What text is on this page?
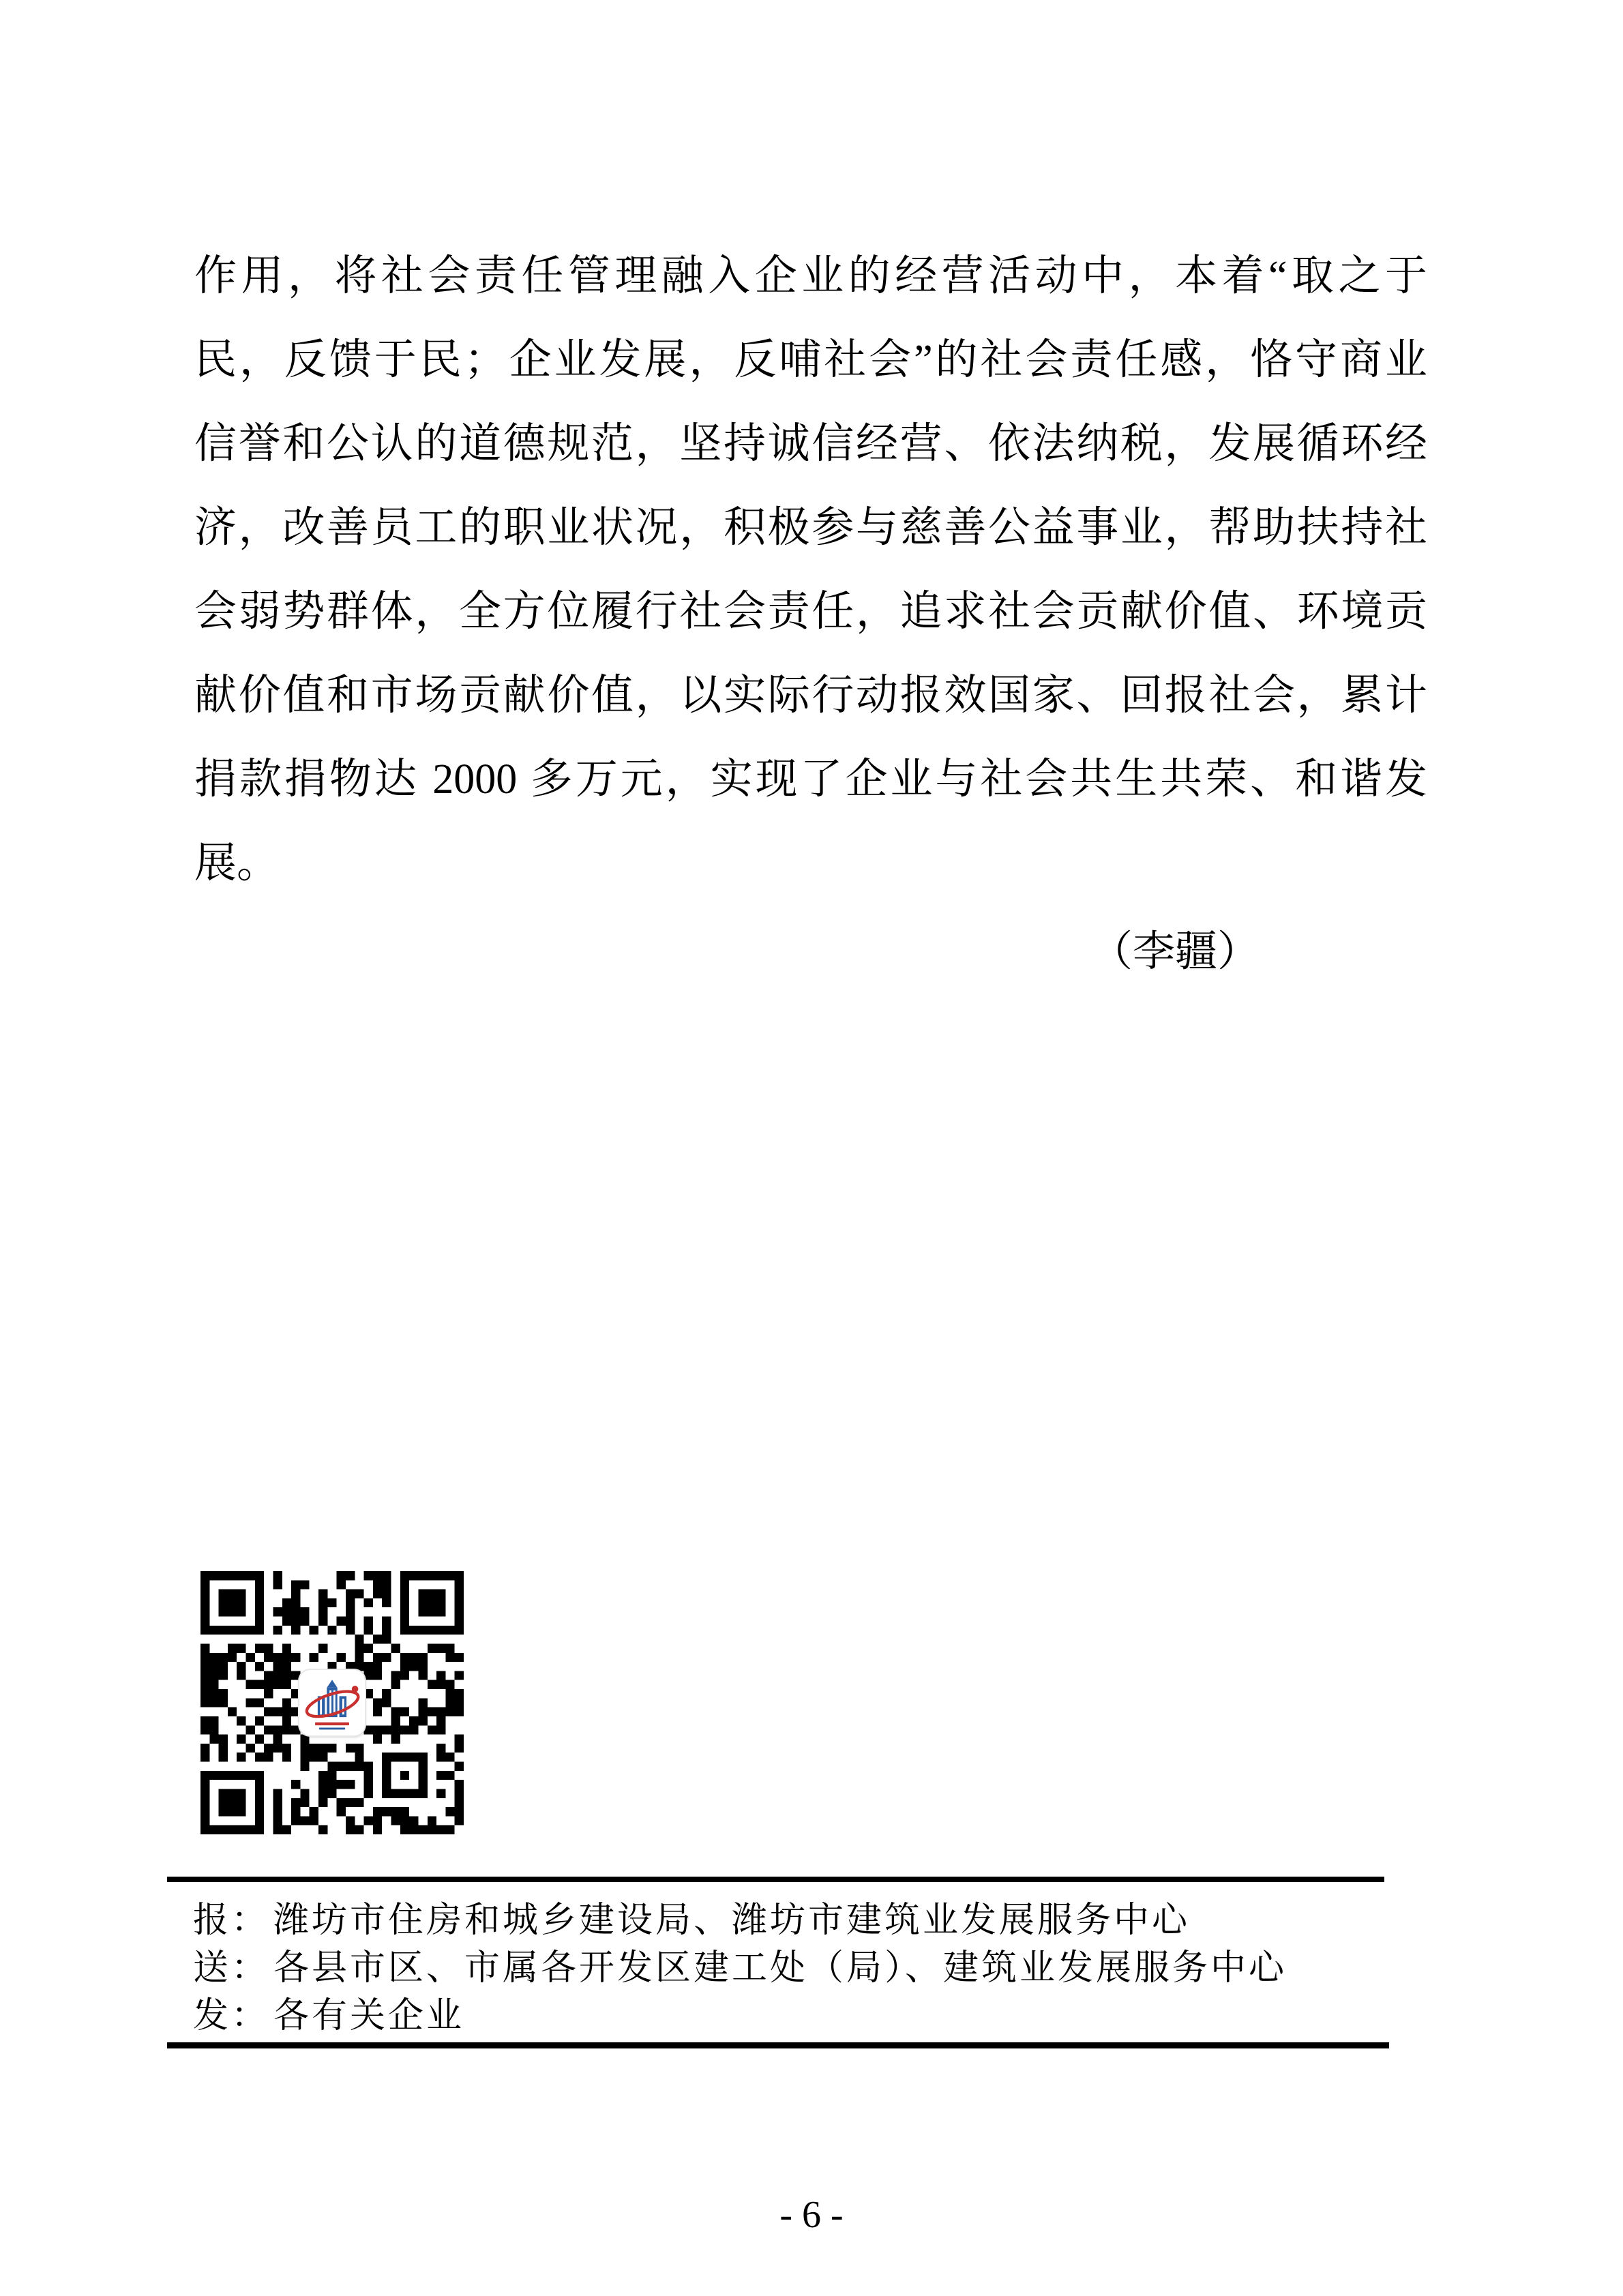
作用，将社会责任管理融入企业的经营活动中，本着“取之于
民，反馈于民；企业发展，反哺社会”的社会责任感，恪守商业
信誉和公认的道德规范，坚持诚信经营、依法纳税，发展循环经
济，改善员工的职业状况，积极参与慈善公益事业，帮助扶持社
会弱势群体，全方位履行社会责任，追求社会贡献价值、环境贡
献价值和市场贡献价值，以实际行动报效国家、回报社会，累计
捐款捐物达 2000 多万元，实现了企业与社会共生共荣、和谐发
展。
（李疆）
报： 潍坊市住房和城乡建设局、潍坊市建筑业发展服务中心
送： 各县市区、市属各开发区建工处（局）、建筑业发展服务中心
发： 各有关企业
- 6 -
